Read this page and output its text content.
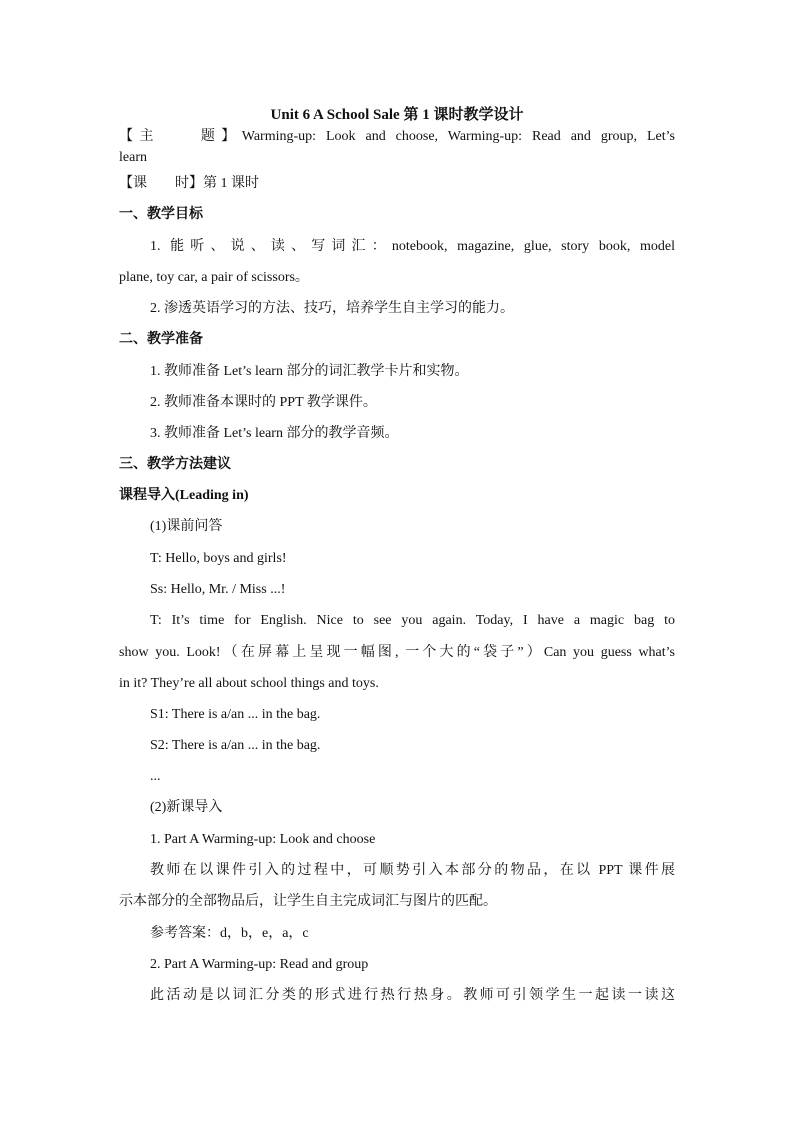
Unit 6 A School Sale 第 1 课时教学设计
【主　　题】Warming-up: Look and choose, Warming-up: Read and group, Let’s
learn
【课　　时】第 1 课时
一、教学目标
1. 能听、说、读、写词汇：notebook, magazine, glue, story book, model
plane, toy car, a pair of scissors。
2. 渗透英语学习的方法、技巧，培养学生自主学习的能力。
二、教学准备
1. 教师准备 Let’s learn 部分的词汇教学卡片和实物。
2. 教师准备本课时的 PPT 教学课件。
3. 教师准备 Let’s learn 部分的教学音频。
三、教学方法建议
课程导入(Leading in)
(1)课前问答
T: Hello, boys and girls!
Ss: Hello, Mr. / Miss ...!
T: It’s time for English. Nice to see you again. Today, I have a magic bag to
show you. Look!（在屏幕上呈现一幅图, 一个大的“袋子”）Can you guess what’s
in it? They’re all about school things and toys.
S1: There is a/an ... in the bag.
S2: There is a/an ... in the bag.
...
(2)新课导入
1. Part A Warming-up: Look and choose
教师在以课件引入的过程中，可顺势引入本部分的物品，在以 PPT 课件展
示本部分的全部物品后，让学生自主完成词汇与图片的匹配。
参考答案：d，b，e，a，c
2. Part A Warming-up: Read and group
此活动是以词汇分类的形式进行热行热身。教师可引领学生一起读一读这
